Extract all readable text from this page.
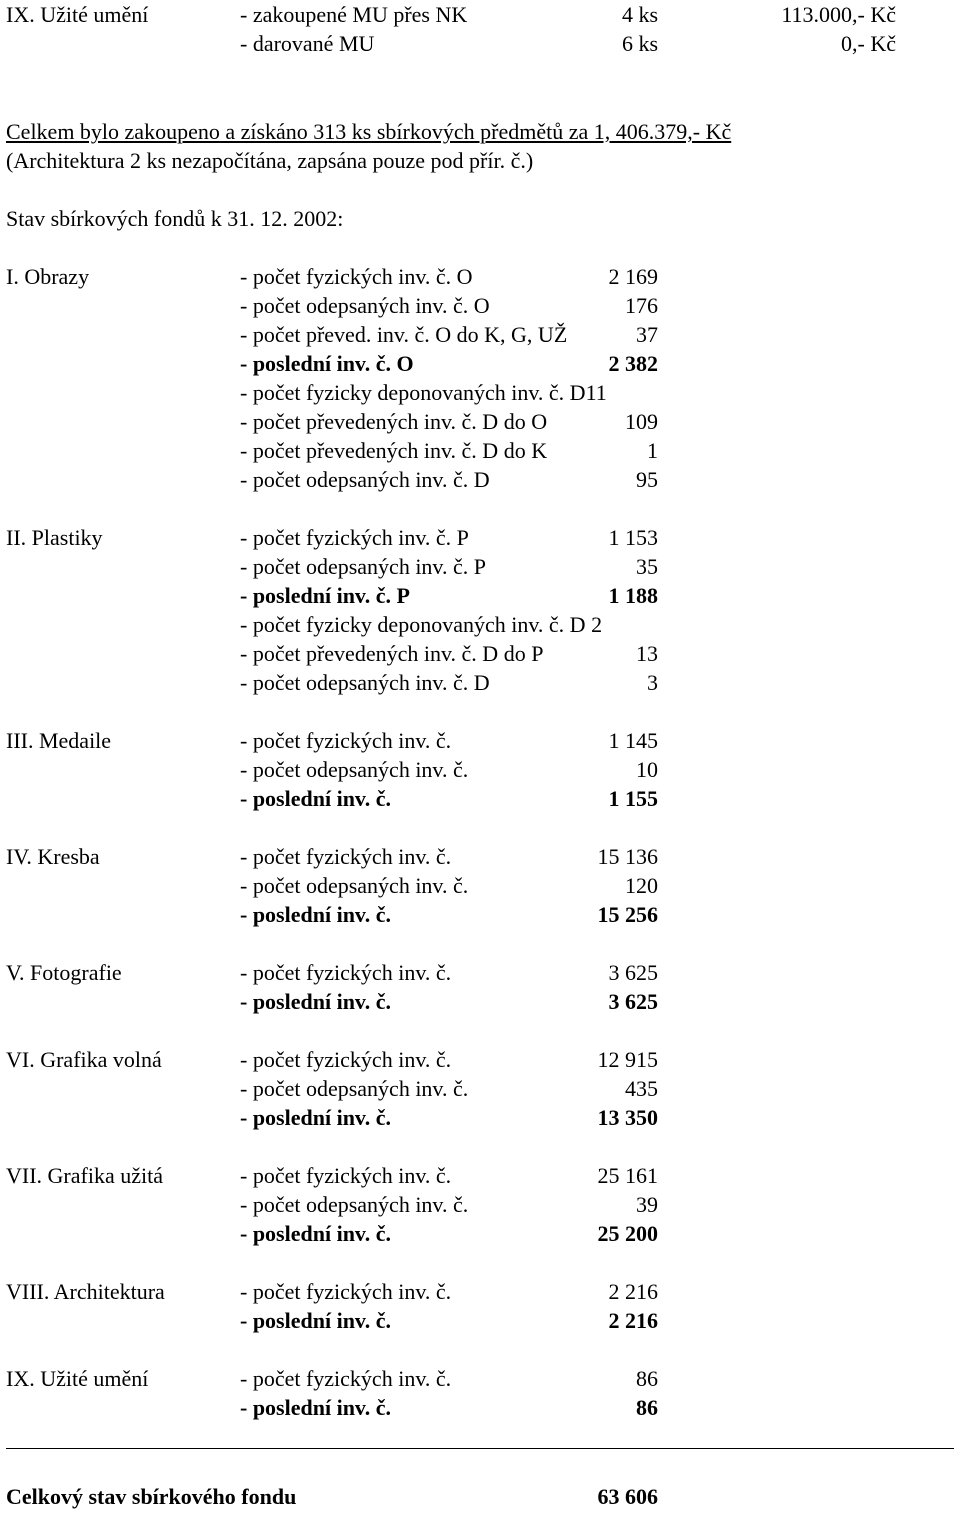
IX. Užité umění	- zakoupené MU přes NK	4 ks	113.000,- Kč
- darované MU	6 ks	0,- Kč
Celkem bylo zakoupeno a získáno 313 ks sbírkových předmětů za 1, 406.379,- Kč
(Architektura 2 ks nezapočítána, zapsána pouze pod přír. č.)
Stav sbírkových fondů k 31. 12. 2002:
I. Obrazy	- počet fyzických inv. č. O	2 169
- počet odepsaných inv. č. O	176
- počet převed. inv. č. O do K, G, UŽ	37
- poslední inv. č. O	2 382
- počet fyzicky deponovaných inv. č. D11
- počet převedených inv. č. D do O	109
- počet převedených inv. č. D do K	1
- počet odepsaných inv. č. D	95
II. Plastiky	- počet fyzických inv. č. P	1 153
- počet odepsaných inv. č. P	35
- poslední inv. č. P	1 188
- počet fyzicky deponovaných inv. č. D 2
- počet převedených inv. č. D do P	13
- počet odepsaných inv. č. D	3
III. Medaile	- počet fyzických inv. č.	1 145
- počet odepsaných inv. č.	10
- poslední inv. č.	1 155
IV. Kresba	- počet fyzických inv. č.	15 136
- počet odepsaných inv. č.	120
- poslední inv. č.	15 256
V. Fotografie	- počet fyzických inv. č.	3 625
- poslední inv. č.	3 625
VI. Grafika volná	- počet fyzických inv. č.	12 915
- počet odepsaných inv. č.	435
- poslední inv. č.	13 350
VII. Grafika užitá	- počet fyzických inv. č.	25 161
- počet odepsaných inv. č.	39
- poslední inv. č.	25 200
VIII. Architektura	- počet fyzických inv. č.	2 216
- poslední inv. č.	2 216
IX. Užité umění	- počet fyzických inv. č.	86
- poslední inv. č.	86
Celkový stav sbírkového fondu	63 606
